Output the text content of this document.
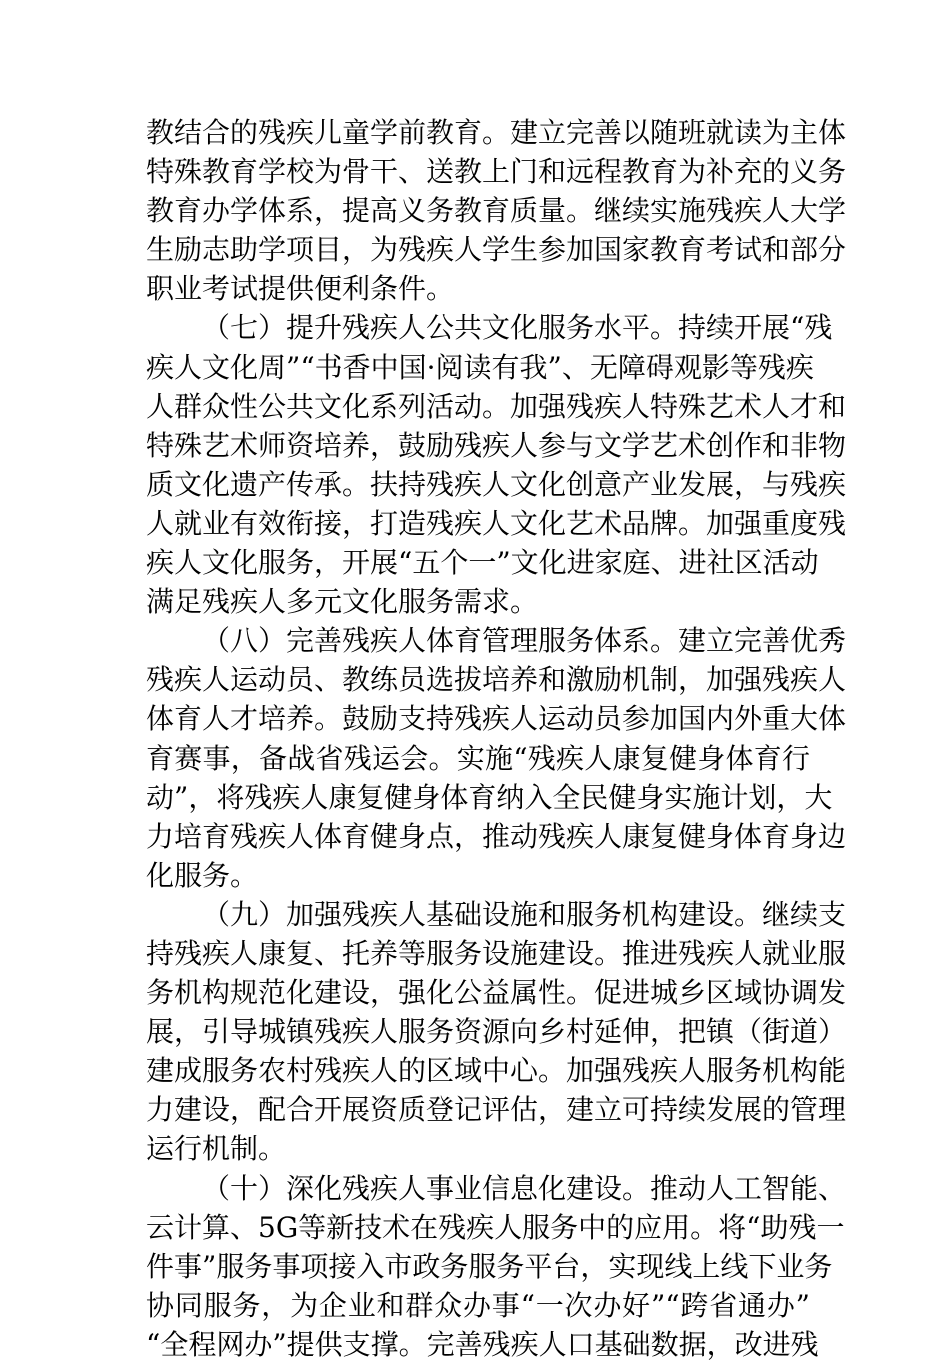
教结合的残疾儿童学前教育。建立完善以随班就读为主体
特殊教育学校为骨干、送教上门和远程教育为补充的义务
教育办学体系，提高义务教育质量。继续实施残疾人大学
生励志助学项目，为残疾人学生参加国家教育考试和部分
职业考试提供便利条件。
（七）提升残疾人公共文化服务水平。持续开展“残
疾人文化周”“书香中国·阅读有我”、无障碍观影等残疾
人群众性公共文化系列活动。加强残疾人特殊艺术人才和
特殊艺术师资培养，鼓励残疾人参与文学艺术创作和非物
质文化遗产传承。扶持残疾人文化创意产业发展，与残疾
人就业有效衔接，打造残疾人文化艺术品牌。加强重度残
疾人文化服务，开展“五个一”文化进家庭、进社区活动
满足残疾人多元文化服务需求。
（八）完善残疾人体育管理服务体系。建立完善优秀
残疾人运动员、教练员选拔培养和激励机制，加强残疾人
体育人才培养。鼓励支持残疾人运动员参加国内外重大体
育赛事，备战省残运会。实施“残疾人康复健身体育行
动”，将残疾人康复健身体育纳入全民健身实施计划，大
力培育残疾人体育健身点，推动残疾人康复健身体育身边
化服务。
（九）加强残疾人基础设施和服务机构建设。继续支
持残疾人康复、托养等服务设施建设。推进残疾人就业服
务机构规范化建设，强化公益属性。促进城乡区域协调发
展，引导城镇残疾人服务资源向乡村延伸，把镇（街道）
建成服务农村残疾人的区域中心。加强残疾人服务机构能
力建设，配合开展资质登记评估，建立可持续发展的管理
运行机制。
（十）深化残疾人事业信息化建设。推动人工智能、
云计算、5G等新技术在残疾人服务中的应用。将“助残一
件事”服务事项接入市政务服务平台，实现线上线下业务
协同服务，为企业和群众办事“一次办好”“跨省通办”
“全程网办”提供支撑。完善残疾人口基础数据，改进残
